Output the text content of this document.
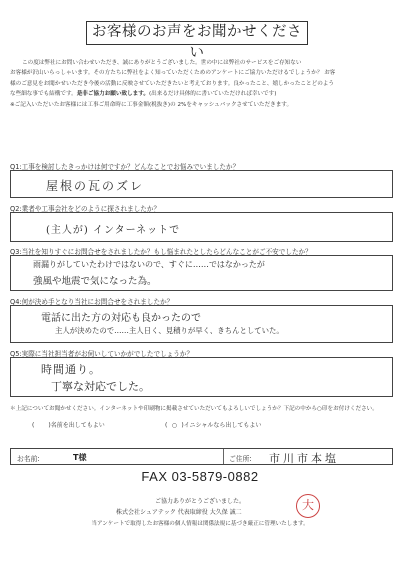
お客様のお声をお聞かせください
この度は弊社にお問い合わせいただき、誠にありがとうございました。世の中には弊社のサービスをご存知ない
お客様が沢山いらっしゃいます。その方たちに弊社をよく知っていただくためのアンケートにご協力いただけるでしょうか？ お客
様のご意見をお聞かせいただき今後の活動に反映させていただきたいと考えております。良かったこと、嬉しかったことどのよう
な些細な事でも結構です。是非ご協力お願い致します。(出来るだけ具体的に書いていただければ幸いです)
※ご記入いただいたお客様には工事ご用命時に工事金額(税抜き)の 2%をキャッシュバックさせていただきます。
Q1:工事を検討したきっかけは何ですか？どんなことでお悩みでいましたか？
屋根の瓦のズレ
Q2:業者や工事会社をどのように探されましたか？
(主人が) インターネットで
Q3:当社を知りすぐにお問合せをされましたか？もし悩まれたとしたらどんなことがご不安でしたか？
雨漏りがしていたわけではないので、すぐに……ではなかったが
強風や地震で気になった為。
Q4:何が決め手となり当社にお問合せをされましたか？
電話に出た方の対応も良かったので
主人が決めたので……主人日く、見積りが早く、きちんとしていた。
Q5:実際に当社担当者がお伺いしていかがでしたでしょうか？
時間通り。
丁寧な対応でした。
＊上記についてお聞かせください。インターネットや印刷物に掲載させていただいてもよろしいでしょうか？下記の中から○印をお付けください。
( )名前を出してもよい	( ○ )イニシャルなら出してもよい
お名前:	T様	ご住所: 市川市本塩
FAX 03-5879-0882
ご協力ありがとうございました。
株式会社シュアテック 代表取締役 大久保 誠二
大
当アンケートで取得したお客様の個人情報は関係法規に基づき厳正に管理いたします。
